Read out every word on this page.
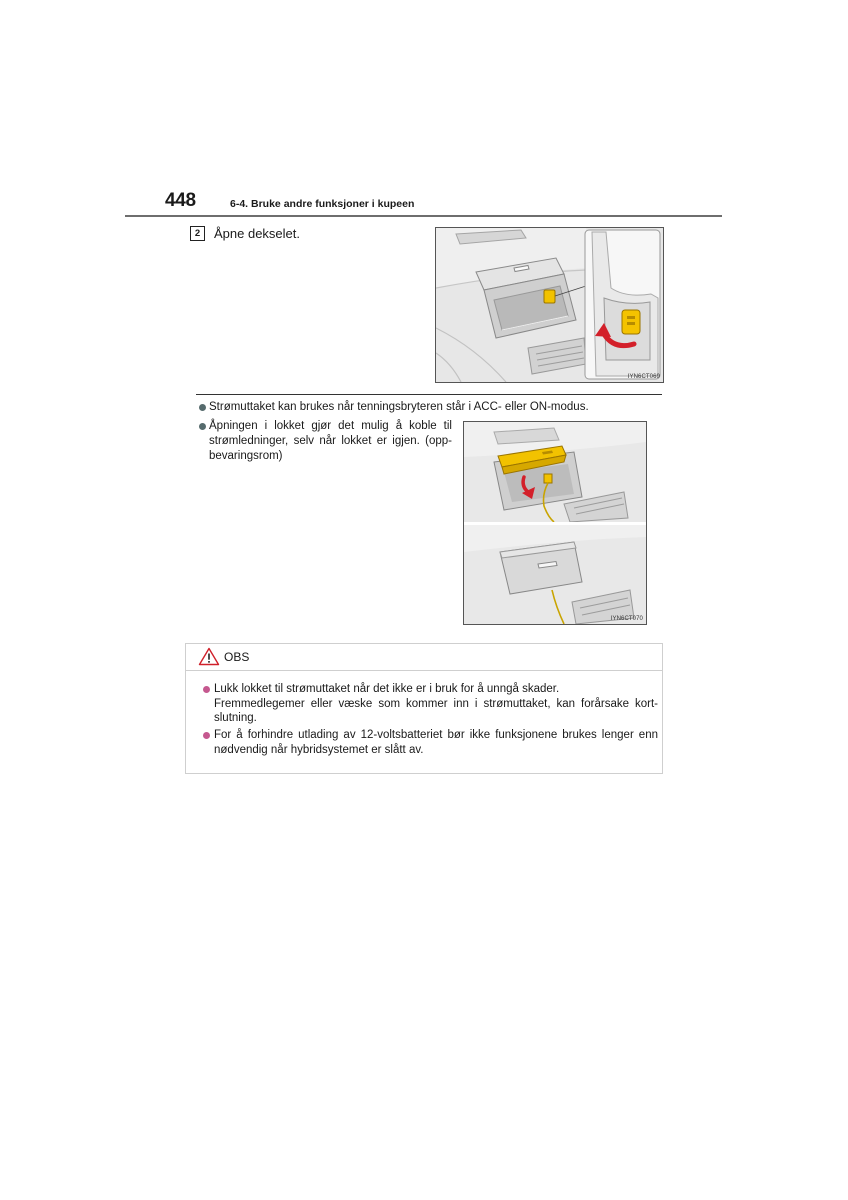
448	6-4. Bruke andre funksjoner i kupeen
2	Åpne dekselet.
IYN6CT069
Strømuttaket kan brukes når tenningsbryteren står i ACC- eller ON-modus.
Åpningen i lokket gjør det mulig å koble til
strømledninger, selv når lokket er igjen. (opp-
bevaringsrom)
IYN6CT070
OBS
Lukk lokket til strømuttaket når det ikke er i bruk for å unngå skader.
Fremmedlegemer eller væske som kommer inn i strømuttaket, kan forårsake kort-
slutning.
For å forhindre utlading av 12-voltsbatteriet bør ikke funksjonene brukes lenger enn
nødvendig når hybridsystemet er slått av.
